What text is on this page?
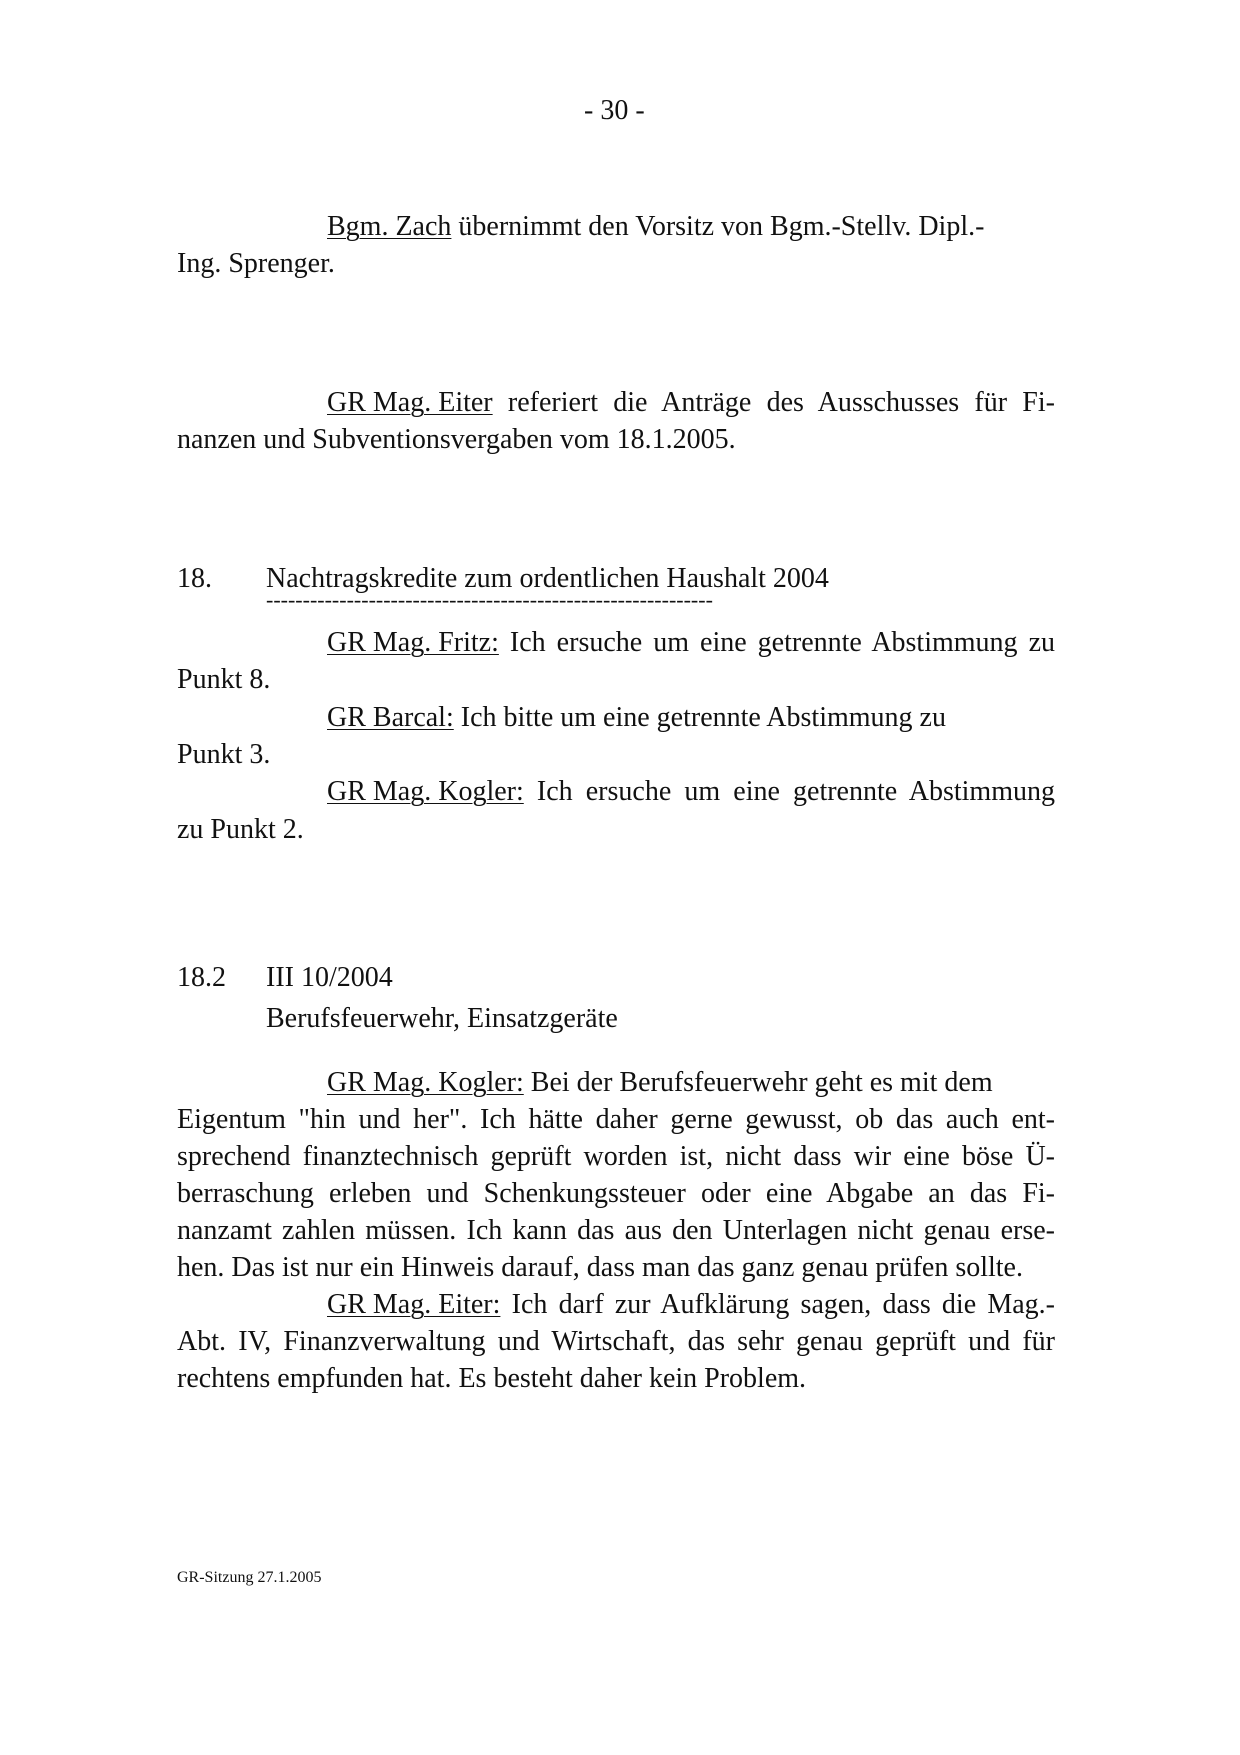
- 30 -
Bgm. Zach übernimmt den Vorsitz von Bgm.-Stellv. Dipl.-
Ing. Sprenger.
GR Mag. Eiter referiert die Anträge des Ausschusses für Fi-
nanzen und Subventionsvergaben vom 18.1.2005.
18. Nachtragskredite zum ordentlichen Haushalt 2004
-------------------------------------------------------------
GR Mag. Fritz: Ich ersuche um eine getrennte Abstimmung zu
Punkt 8.
GR Barcal: Ich bitte um eine getrennte Abstimmung zu
Punkt 3.
GR Mag. Kogler: Ich ersuche um eine getrennte Abstimmung
zu Punkt 2.
18.2 III 10/2004
Berufsfeuerwehr, Einsatzgeräte
GR Mag. Kogler: Bei der Berufsfeuerwehr geht es mit dem
Eigentum "hin und her". Ich hätte daher gerne gewusst, ob das auch ent-
sprechend finanztechnisch geprüft worden ist, nicht dass wir eine böse Ü-
berraschung erleben und Schenkungssteuer oder eine Abgabe an das Fi-
nanzamt zahlen müssen. Ich kann das aus den Unterlagen nicht genau erse-
hen. Das ist nur ein Hinweis darauf, dass man das ganz genau prüfen sollte.
GR Mag. Eiter: Ich darf zur Aufklärung sagen, dass die Mag.-
Abt. IV, Finanzverwaltung und Wirtschaft, das sehr genau geprüft und für
rechtens empfunden hat. Es besteht daher kein Problem.
GR-Sitzung 27.1.2005
